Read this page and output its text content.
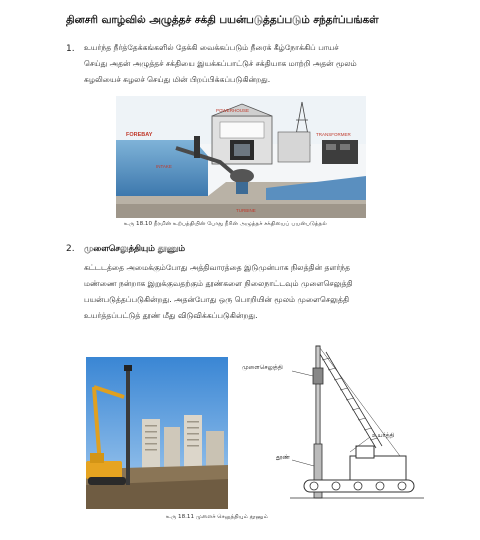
தினசரி வாழ்வில் அழுத்தச் சக்தி பயன்படுத்தப்படும் சந்தர்ப்பங்கள்
1. உயர்ந்த நீர்த்தேக்கங்களில் தேக்கி வைக்கப்படும் நீரைக் கீழ்நோக்கிப் பாயச்
செய்து அதன் அழுத்தச் சக்தியை இயக்கப்பாட்டுச் சக்தியாக மாற்றி அதன் மூலம்
சுழலியைச் சுழலச் செய்து மின் பிறப்பிக்கப்படுகின்றது.
FOREBAY
INTAKE
POWERHOUSE
TURBINE
TRANSFORMER
உரு 18.10 நீரமின் உற்பத்தியின் போது நீரின் அழுத்தச் சக்தியைப் பயன்படுத்தல்
2. முளைசெலுத்தியும் தூணும்
கட்டடத்தை அமைக்கும்போது அத்திவாரத்தை இடுமுன்பாக நிலத்தின் தளர்ந்த
மண்ணை நன்றாக இறுக்குவதற்கும் தூண்களை நிலைநாட்டவும் முளைசெலுத்தி
பயன்படுத்தப்படுகின்றது. அதன்போது ஒரு பொறியின் மூலம் முளைசெலுத்தி
உயர்த்தப்பட்டுத் தூண் மீது விடுவிக்கப்படுகின்றது.
முளைசெலுத்தி
உயர்த்தி
தூண்
உரு 18.11 முளைச் செலுத்தியும் தூணும்
